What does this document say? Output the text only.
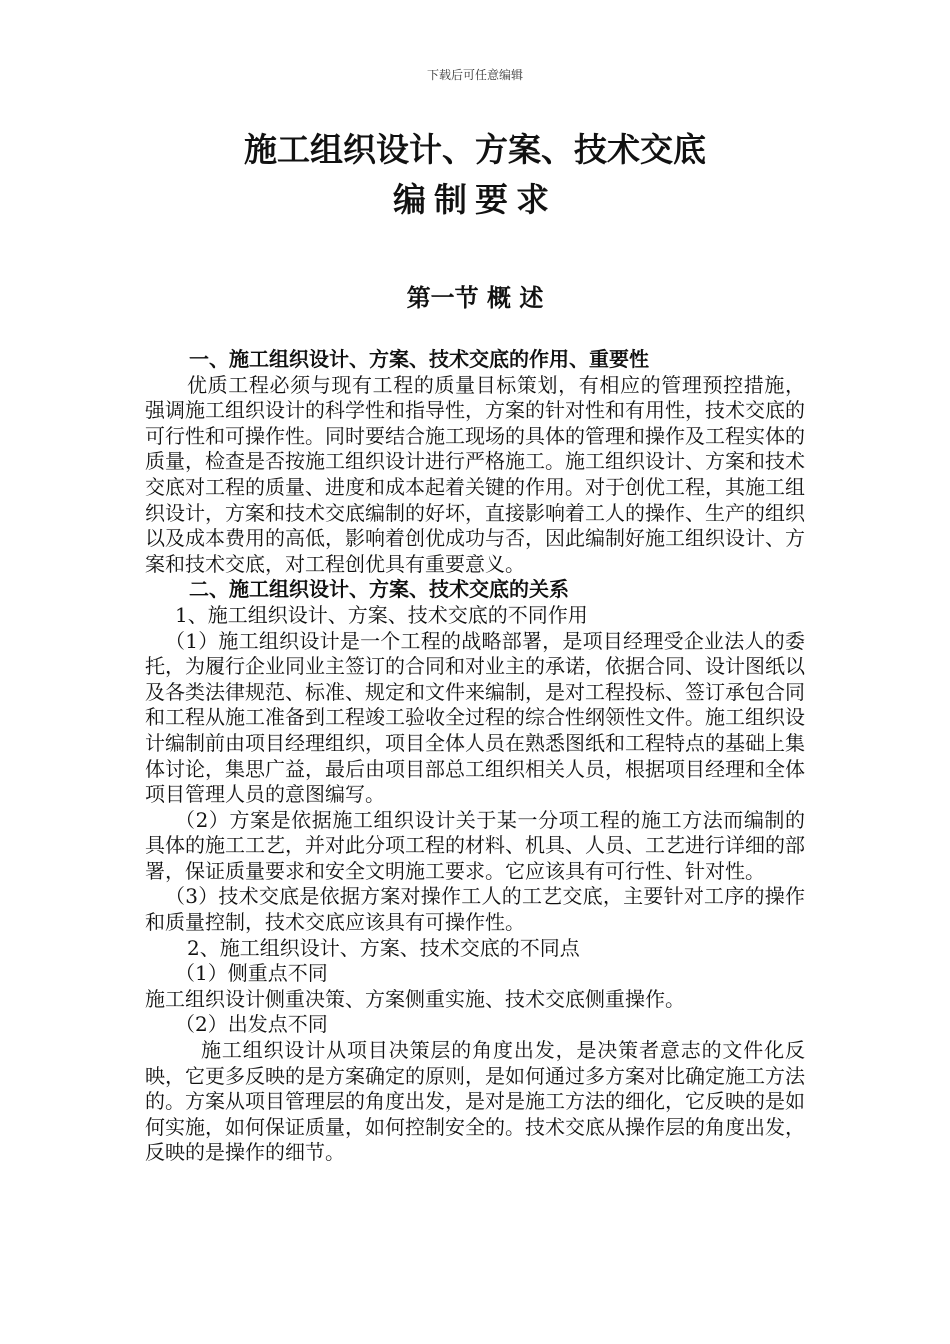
下载后可任意编辑
施工组织设计、方案、技术交底
编制要求
第一节 概 述

一、施工组织设计、方案、技术交底的作用、重要性

优质工程必须与现有工程的质量目标策划，有相应的管理预控措施，强调施工组织设计的科学性和指导性，方案的针对性和有用性，技术交底的可行性和可操作性。同时要结合施工现场的具体的管理和操作及工程实体的质量，检查是否按施工组织设计进行严格施工。施工组织设计、方案和技术交底对工程的质量、进度和成本起着关键的作用。对于创优工程，其施工组织设计，方案和技术交底编制的好坏，直接影响着工人的操作、生产的组织以及成本费用的高低，影响着创优成功与否，因此编制好施工组织设计、方案和技术交底，对工程创优具有重要意义。

二、施工组织设计、方案、技术交底的关系

1、施工组织设计、方案、技术交底的不同作用

（1）施工组织设计是一个工程的战略部署，是项目经理受企业法人的委托，为履行企业同业主签订的合同和对业主的承诺，依据合同、设计图纸以及各类法律规范、标准、规定和文件来编制，是对工程投标、签订承包合同和工程从施工准备到工程竣工验收全过程的综合性纲领性文件。施工组织设计编制前由项目经理组织，项目全体人员在熟悉图纸和工程特点的基础上集体讨论，集思广益，最后由项目部总工组织相关人员，根据项目经理和全体项目管理人员的意图编写。

（2）方案是依据施工组织设计关于某一分项工程的施工方法而编制的具体的施工工艺，并对此分项工程的材料、机具、人员、工艺进行详细的部署，保证质量要求和安全文明施工要求。它应该具有可行性、针对性。

（3）技术交底是依据方案对操作工人的工艺交底，主要针对工序的操作和质量控制，技术交底应该具有可操作性。

2、施工组织设计、方案、技术交底的不同点

（1）侧重点不同

施工组织设计侧重决策、方案侧重实施、技术交底侧重操作。

（2）出发点不同

施工组织设计从项目决策层的角度出发，是决策者意志的文件化反映，它更多反映的是方案确定的原则，是如何通过多方案对比确定施工方法的。方案从项目管理层的角度出发，是对是施工方法的细化，它反映的是如何实施，如何保证质量，如何控制安全的。技术交底从操作层的角度出发，反映的是操作的细节。
